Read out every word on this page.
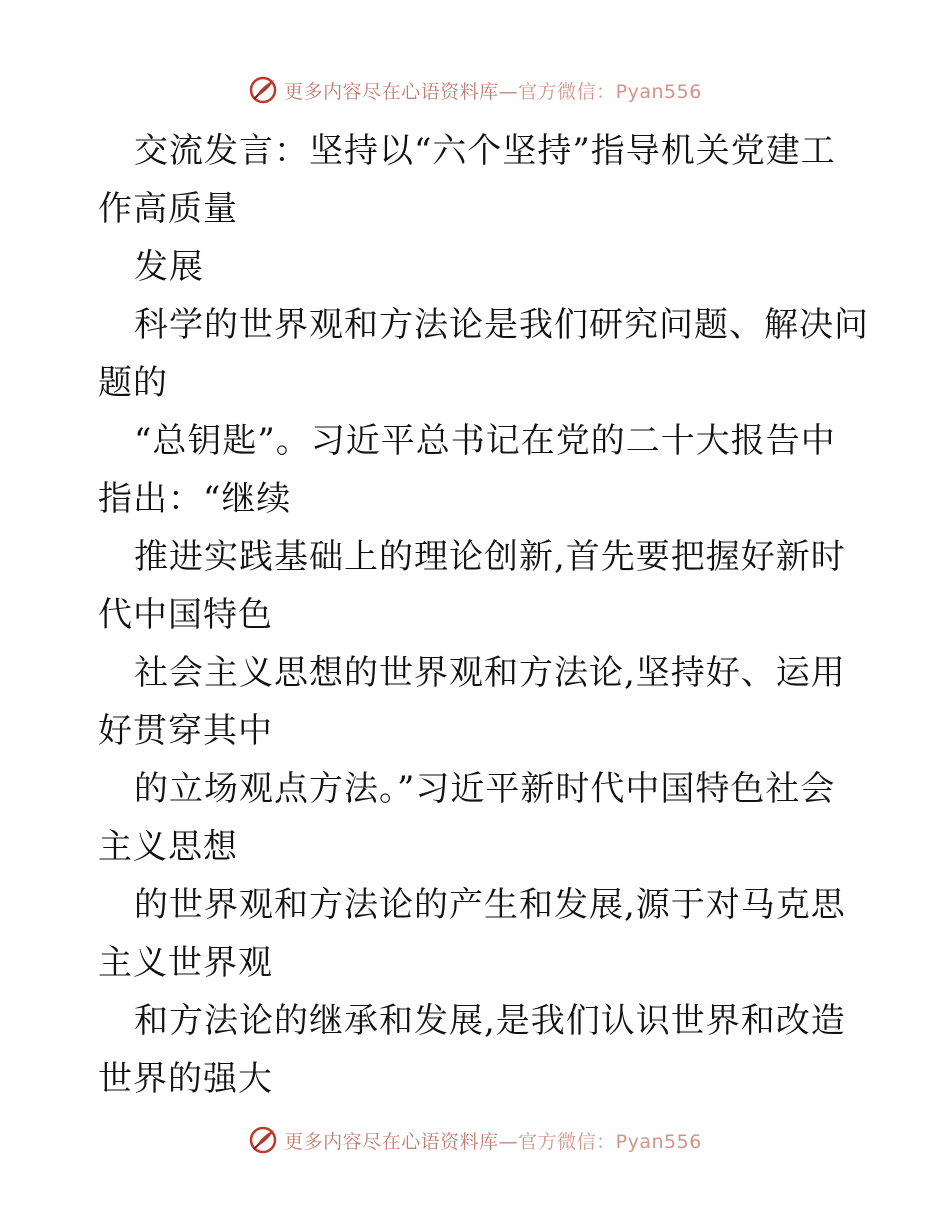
更多内容尽在心语资料库—官方微信：Pyan556

交流发言：坚持以“六个坚持”指导机关党建工

作高质量

发展

科学的世界观和方法论是我们研究问题、解决问

题的

“总钥匙”。习近平总书记在党的二十大报告中

指出：“继续

推进实践基础上的理论创新,首先要把握好新时

代中国特色

社会主义思想的世界观和方法论,坚持好、运用

好贯穿其中

的立场观点方法。”习近平新时代中国特色社会

主义思想

的世界观和方法论的产生和发展,源于对马克思

主义世界观

和方法论的继承和发展,是我们认识世界和改造

世界的强大

更多内容尽在心语资料库—官方微信：Pyan556
